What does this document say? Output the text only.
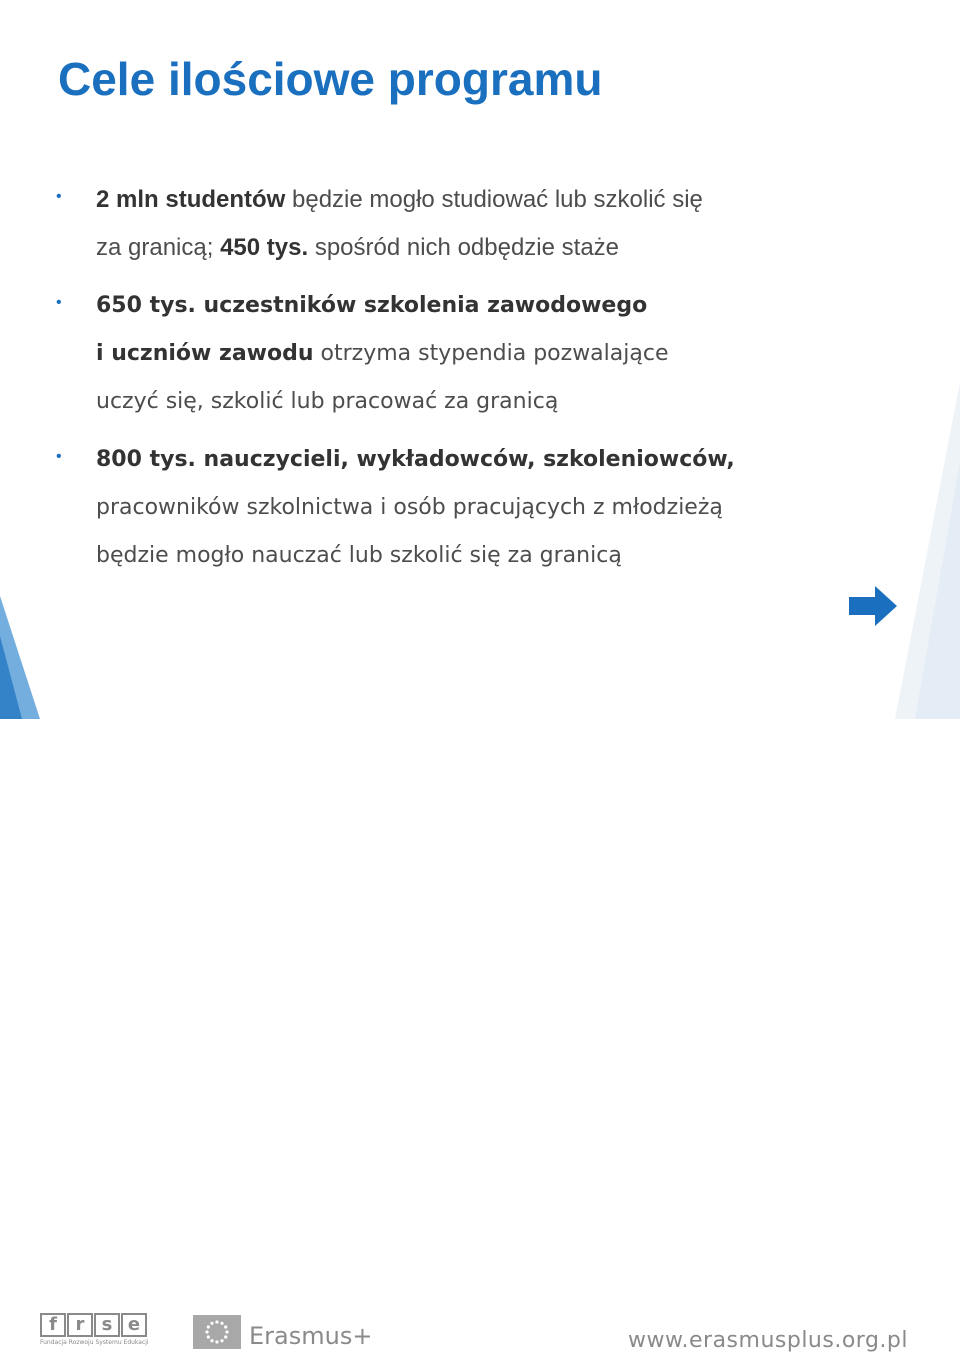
Cele ilościowe programu
• 2 mln studentów będzie mogło studiować lub szkolić się
za granicą; 450 tys. spośród nich odbędzie staże
• 650 tys. uczestników szkolenia zawodowego
i uczniów zawodu otrzyma stypendia pozwalające
uczyć się, szkolić lub pracować za granicą
• 800 tys. nauczycieli, wykładowców, szkoleniowców,
pracowników szkolnictwa i osób pracujących z młodzieżą
będzie mogło nauczać lub szkolić się za granicą
f r s e
Fundacja Rozwoju Systemu Edukacji	Erasmus+	www.erasmusplus.org.pl
